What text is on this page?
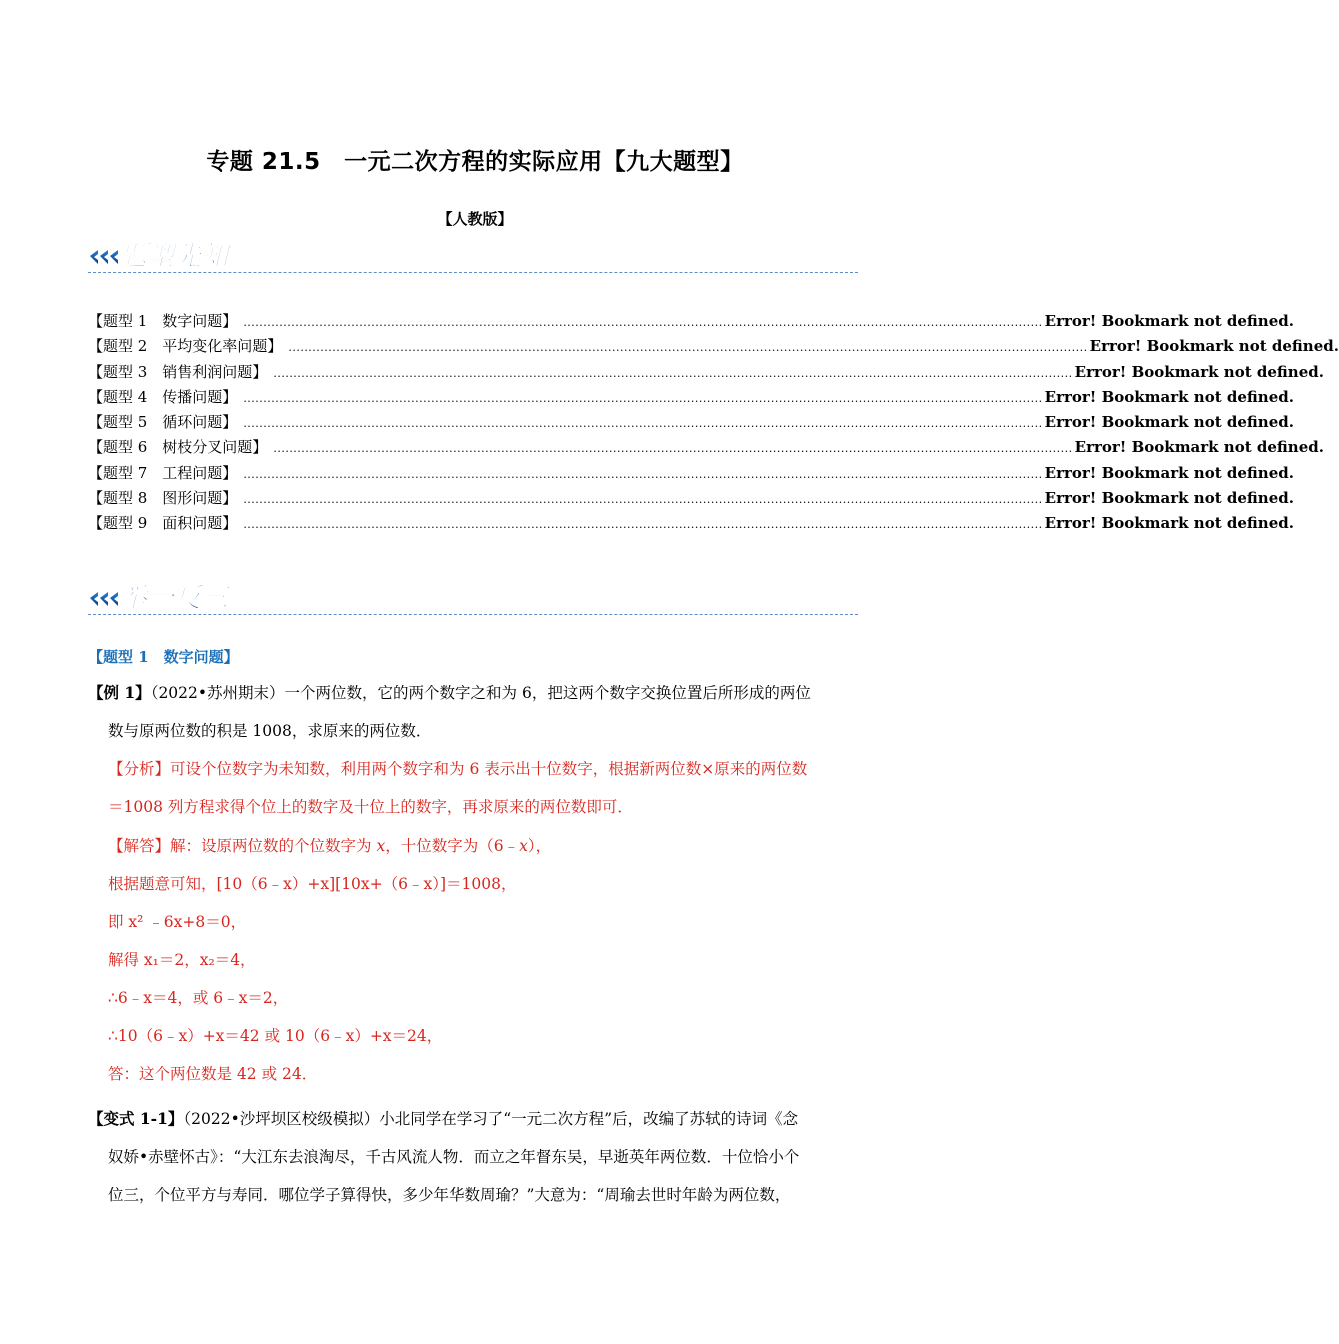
专题 21.5　一元二次方程的实际应用【九大题型】
【人教版】
题型先知
【题型 1　数字问题】 ........................................................................................................................................................................................................ Error! Bookmark not defined.
【题型 2　平均变化率问题】 ........................................................................................................................................................................................................ Error! Bookmark not defined.
【题型 3　销售利润问题】 ........................................................................................................................................................................................................ Error! Bookmark not defined.
【题型 4　传播问题】 ........................................................................................................................................................................................................ Error! Bookmark not defined.
【题型 5　循环问题】 ........................................................................................................................................................................................................ Error! Bookmark not defined.
【题型 6　树枝分叉问题】 ........................................................................................................................................................................................................ Error! Bookmark not defined.
【题型 7　工程问题】 ........................................................................................................................................................................................................ Error! Bookmark not defined.
【题型 8　图形问题】 ........................................................................................................................................................................................................ Error! Bookmark not defined.
【题型 9　面积问题】 ........................................................................................................................................................................................................ Error! Bookmark not defined.
举一反三
【题型 1　数字问题】
【例 1】（2022•苏州期末）一个两位数，它的两个数字之和为 6，把这两个数字交换位置后所形成的两位
数与原两位数的积是 1008，求原来的两位数．
【分析】可设个位数字为未知数，利用两个数字和为 6 表示出十位数字，根据新两位数×原来的两位数
＝1008 列方程求得个位上的数字及十位上的数字，再求原来的两位数即可．
【解答】解：设原两位数的个位数字为 x，十位数字为（6﹣x），
根据题意可知，[10（6﹣x）+x][10x+（6﹣x）]＝1008，
即 x² ﹣6x+8＝0，
解得 x₁＝2，x₂＝4，
∴6﹣x＝4，或 6﹣x＝2，
∴10（6﹣x）+x＝42 或 10（6﹣x）+x＝24，
答：这个两位数是 42 或 24．
【变式 1-1】（2022•沙坪坝区校级模拟）小北同学在学习了“一元二次方程”后，改编了苏轼的诗词《念
奴娇•赤壁怀古》：“大江东去浪淘尽，千古风流人物．而立之年督东吴，早逝英年两位数．十位恰小个
位三，个位平方与寿同．哪位学子算得快，多少年华数周瑜？”大意为：“周瑜去世时年龄为两位数，
